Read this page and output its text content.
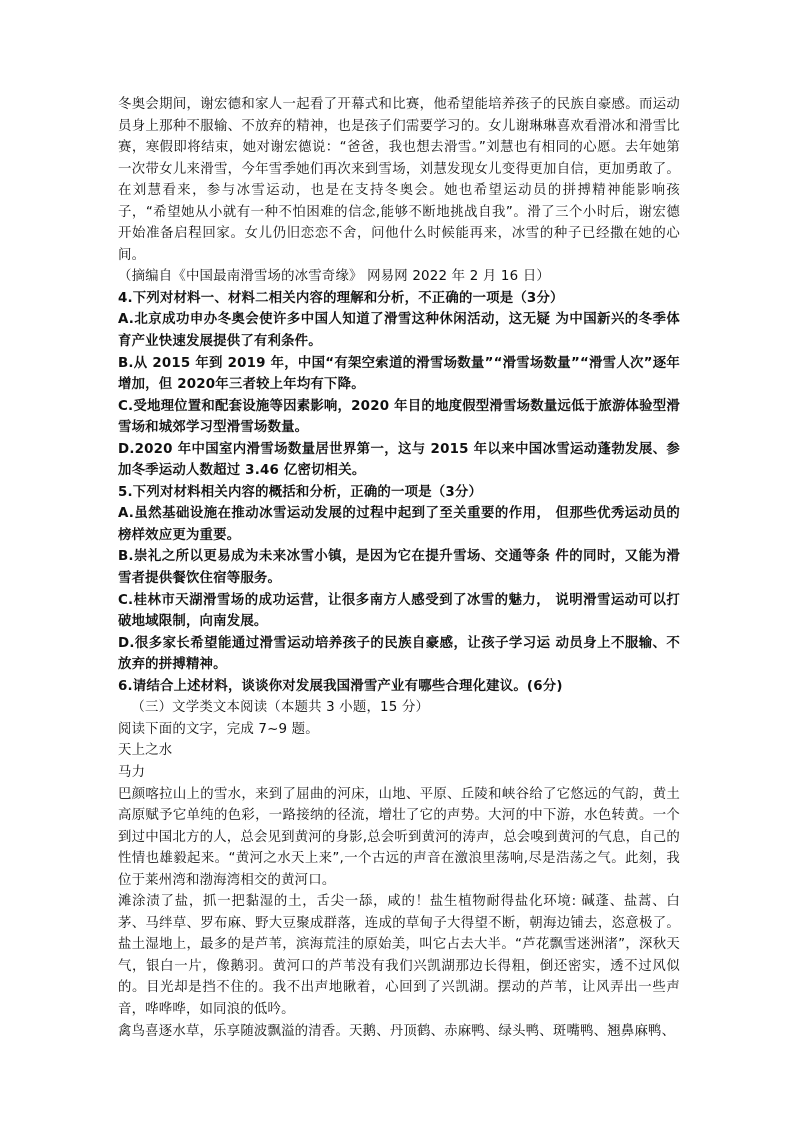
冬奥会期间，谢宏德和家人一起看了开幕式和比赛，他希望能培养孩子的民族自豪感。而运动员身上那种不服输、不放弃的精神，也是孩子们需要学习的。女儿谢琳琳喜欢看滑冰和滑雪比赛，寒假即将结束，她对谢宏德说：“爸爸，我也想去滑雪。”刘慧也有相同的心愿。去年她第一次带女儿来滑雪，今年雪季她们再次来到雪场，刘慧发现女儿变得更加自信，更加勇敢了。在刘慧看来，参与冰雪运动，也是在支持冬奥会。她也希望运动员的拼搏精神能影响孩子，“希望她从小就有一种不怕困难的信念,能够不断地挑战自我”。滑了三个小时后，谢宏德开始准备启程回家。女儿仍旧恋恋不舍，问他什么时候能再来，冰雪的种子已经撒在她的心间。

（摘编自《中国最南滑雪场的冰雪奇缘》 网易网 2022 年 2 月 16 日）

4.下列对材料一、材料二相关内容的理解和分析，不正确的一项是（3分）

A.北京成功申办冬奥会使许多中国人知道了滑雪这种休闲活动，这无疑 为中国新兴的冬季体育产业快速发展提供了有利条件。

B.从 2015 年到 2019 年，中国“有架空索道的滑雪场数量”“滑雪场数量”“滑雪人次”逐年增加，但 2020年三者较上年均有下降。

C.受地理位置和配套设施等因素影响，2020 年目的地度假型滑雪场数量远低于旅游体验型滑雪场和城郊学习型滑雪场数量。

D.2020 年中国室内滑雪场数量居世界第一，这与 2015 年以来中国冰雪运动蓬勃发展、参加冬季运动人数超过 3.46 亿密切相关。

5.下列对材料相关内容的概括和分析，正确的一项是（3分）

A.虽然基础设施在推动冰雪运动发展的过程中起到了至关重要的作用， 但那些优秀运动员的榜样效应更为重要。

B.崇礼之所以更易成为未来冰雪小镇，是因为它在提升雪场、交通等条 件的同时，又能为滑雪者提供餐饮住宿等服务。

C.桂林市天湖滑雪场的成功运营，让很多南方人感受到了冰雪的魅力， 说明滑雪运动可以打破地域限制，向南发展。

D.很多家长希望能通过滑雪运动培养孩子的民族自豪感，让孩子学习运 动员身上不服输、不放弃的拼搏精神。

6.请结合上述材料，谈谈你对发展我国滑雪产业有哪些合理化建议。(6分)

（三）文学类文本阅读（本题共 3 小题，15 分）

阅读下面的文字，完成 7~9 题。

天上之水

马力

巴颜喀拉山上的雪水，来到了屈曲的河床，山地、平原、丘陵和峡谷给了它悠远的气韵，黄土高原赋予它单纯的色彩，一路接纳的径流，增壮了它的声势。大河的中下游，水色转黄。一个到过中国北方的人，总会见到黄河的身影,总会听到黄河的涛声，总会嗅到黄河的气息，自己的性情也雄毅起来。“黄河之水天上来”,一个古远的声音在激浪里荡响,尽是浩荡之气。此刻，我位于莱州湾和渤海湾相交的黄河口。

滩涂渍了盐，抓一把黏湿的土，舌尖一舔，咸的！盐生植物耐得盐化环境: 碱蓬、盐蒿、白茅、马绊草、罗布麻、野大豆聚成群落，连成的草甸子大得望不断，朝海边铺去，恣意极了。盐土湿地上，最多的是芦苇，滨海荒洼的原始美，叫它占去大半。“芦花飘雪迷洲渚”，深秋天气，银白一片，像鹅羽。黄河口的芦苇没有我们兴凯湖那边长得粗，倒还密实，透不过风似的。目光却是挡不住的。我不出声地瞅着，心回到了兴凯湖。摆动的芦苇，让风弄出一些声音，哗哗哗，如同浪的低吟。

禽鸟喜逐水草，乐享随波飘溢的清香。天鹅、丹顶鹤、赤麻鸭、绿头鸭、斑嘴鸭、翘鼻麻鸭、
